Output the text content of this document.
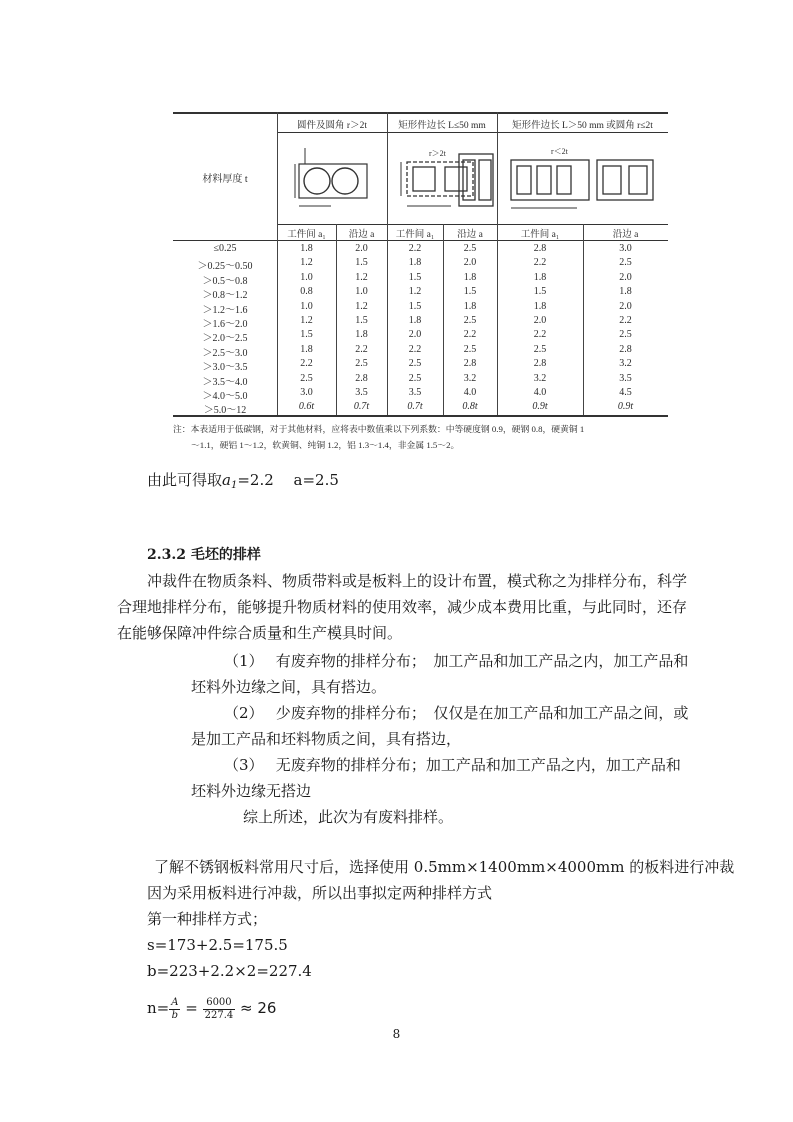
圆件及圆角 r＞2t	矩形件边长 L≤50 mm	矩形件边长 L＞50 mm 或圆角 r≤2t
材料厚度 t
r＞2t	r＜2t
工件间 a₁	沿边 a	工件间 a₁	沿边 a	工件间 a₁	沿边 a
≤0.25	1.8	2.0	2.2	2.5	2.8	3.0
＞0.25～0.50	1.2	1.5	1.8	2.0	2.2	2.5
＞0.5～0.8	1.0	1.2	1.5	1.8	1.8	2.0
＞0.8～1.2	0.8	1.0	1.2	1.5	1.5	1.8
＞1.2～1.6	1.0	1.2	1.5	1.8	1.8	2.0
＞1.6～2.0	1.2	1.5	1.8	2.5	2.0	2.2
＞2.0～2.5	1.5	1.8	2.0	2.2	2.2	2.5
＞2.5～3.0	1.8	2.2	2.2	2.5	2.5	2.8
＞3.0～3.5	2.2	2.5	2.5	2.8	2.8	3.2
＞3.5～4.0	2.5	2.8	2.5	3.2	3.2	3.5
＞4.0～5.0	3.0	3.5	3.5	4.0	4.0	4.5
＞5.0～12	0.6t	0.7t	0.7t	0.8t	0.9t	0.9t
注：本表适用于低碳钢，对于其他材料，应将表中数值乘以下列系数：中等硬度钢 0.9，硬钢 0.8，硬黄铜 1
～1.1，硬铝 1～1.2，软黄铜、纯铜 1.2，铝 1.3～1.4，非金属 1.5～2。
由此可得取$a_1=2.2$　 a=2.5
2.3.2 毛坯的排样
冲裁件在物质条料、物质带料或是板料上的设计布置，模式称之为排样分布，科学
合理地排样分布，能够提升物质材料的使用效率，减少成本费用比重，与此同时，还存
在能够保障冲件综合质量和生产模具时间。
（1）　 有废弃物的排样分布；　加工产品和加工产品之内，加工产品和
坯料外边缘之间，具有搭边。
（2）　 少废弃物的排样分布；　仅仅是在加工产品和加工产品之间，或
是加工产品和坯料物质之间，具有搭边，
（3）　 无废弃物的排样分布；加工产品和加工产品之内，加工产品和
坯料外边缘无搭边
综上所述，此次为有废料排样。
了解不锈钢板料常用尺寸后，选择使用 0.5mm×1400mm×4000mm 的板料进行冲裁
因为采用板料进行冲裁，所以出事拟定两种排样方式
第一种排样方式；
s=173+2.5=175.5
b=223+2.2×2=227.4
$n= \frac{A}{b} = \frac{6000}{227.4} \approx 26$
8
